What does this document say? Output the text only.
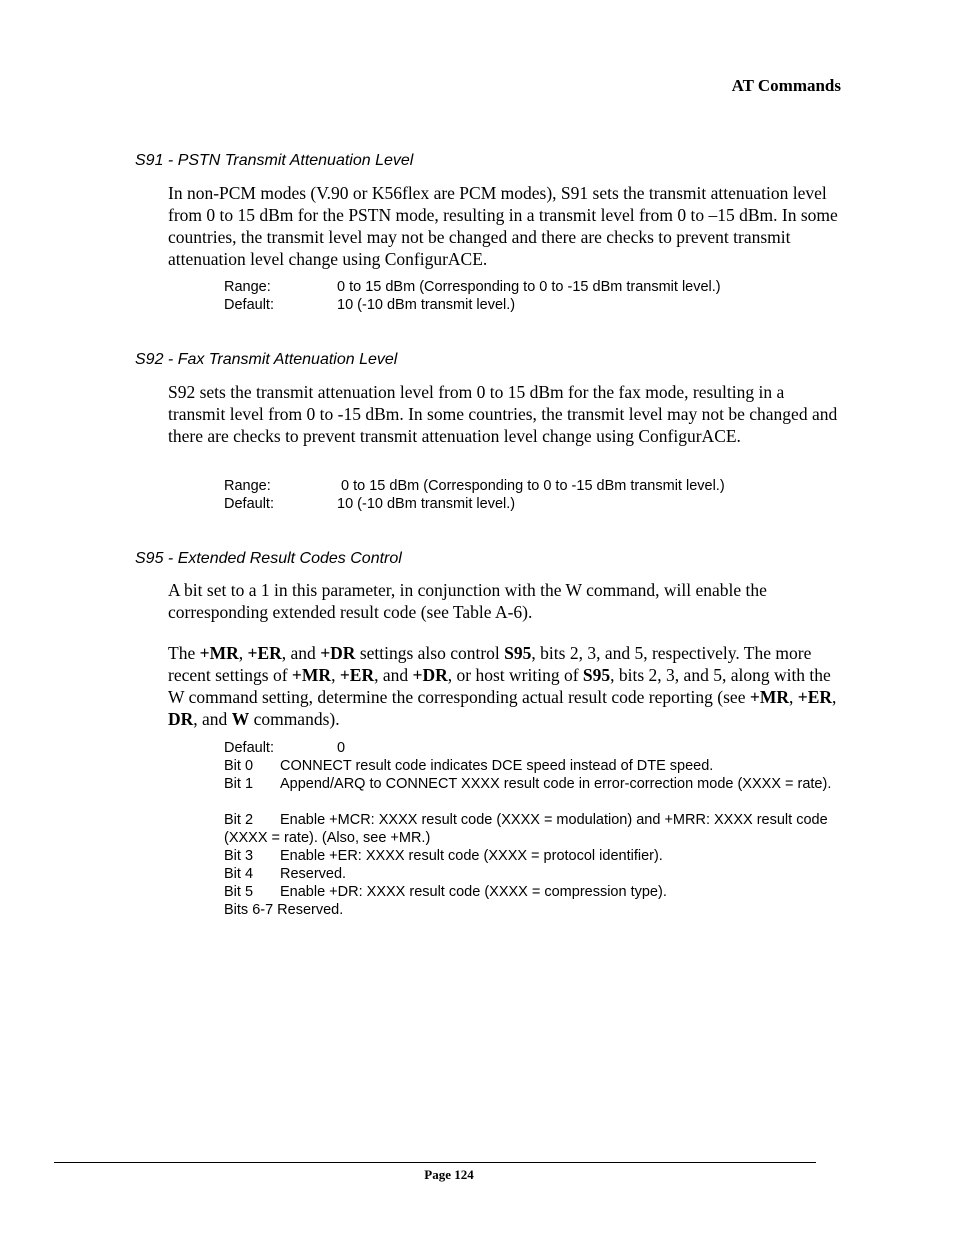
AT Commands
S91 - PSTN Transmit Attenuation Level
In non-PCM modes (V.90 or K56flex are PCM modes), S91 sets the transmit attenuation level from 0 to 15 dBm for the PSTN mode, resulting in a transmit level from 0 to –15 dBm. In some countries, the transmit level may not be changed and there are checks to prevent transmit attenuation level change using ConfigurACE.
Range:	0 to 15 dBm (Corresponding to 0 to -15 dBm transmit level.)
Default:	10 (-10 dBm transmit level.)
S92 - Fax Transmit Attenuation Level
S92 sets the transmit attenuation level from 0 to 15 dBm for the fax mode, resulting in a transmit level from 0 to -15 dBm. In some countries, the transmit level may not be changed and there are checks to prevent transmit attenuation level change using ConfigurACE.
Range:	0 to 15 dBm (Corresponding to 0 to -15 dBm transmit level.)
Default:	10 (-10 dBm transmit level.)
S95 - Extended Result Codes Control
A bit set to a 1 in this parameter, in conjunction with the W command, will enable the corresponding extended result code (see Table A-6).
The +MR, +ER, and +DR settings also control S95, bits 2, 3, and 5, respectively. The more recent settings of +MR, +ER, and +DR, or host writing of S95, bits 2, 3, and 5, along with the W command setting, determine the corresponding actual result code reporting (see +MR, +ER, DR, and W commands).
Default:	0
Bit 0 CONNECT result code indicates DCE speed instead of DTE speed.
Bit 1 Append/ARQ to CONNECT XXXX result code in error-correction mode (XXXX = rate).
Bit 2 Enable +MCR: XXXX result code (XXXX = modulation) and +MRR: XXXX result code (XXXX = rate). (Also, see +MR.)
Bit 3 Enable +ER: XXXX result code (XXXX = protocol identifier).
Bit 4 Reserved.
Bit 5 Enable +DR: XXXX result code (XXXX = compression type).
Bits 6-7 Reserved.
Page 124
